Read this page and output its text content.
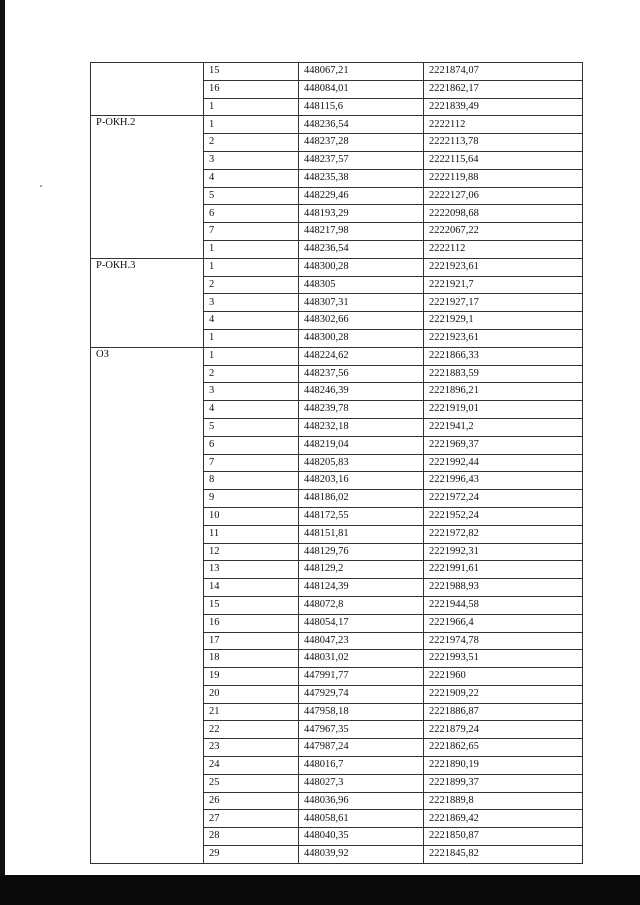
	15	448067,21	2221874,07
	16	448084,01	2221862,17
	1	448115,6	2221839,49
Р-ОКН.2	1	448236,54	2222112
	2	448237,28	2222113,78
	3	448237,57	2222115,64
	4	448235,38	2222119,88
	5	448229,46	2222127,06
	6	448193,29	2222098,68
	7	448217,98	2222067,22
	1	448236,54	2222112
Р-ОКН.3	1	448300,28	2221923,61
	2	448305	2221921,7
	3	448307,31	2221927,17
	4	448302,66	2221929,1
	1	448300,28	2221923,61
ОЗ	1	448224,62	2221866,33
	2	448237,56	2221883,59
	3	448246,39	2221896,21
	4	448239,78	2221919,01
	5	448232,18	2221941,2
	6	448219,04	2221969,37
	7	448205,83	2221992,44
	8	448203,16	2221996,43
	9	448186,02	2221972,24
	10	448172,55	2221952,24
	11	448151,81	2221972,82
	12	448129,76	2221992,31
	13	448129,2	2221991,61
	14	448124,39	2221988,93
	15	448072,8	2221944,58
	16	448054,17	2221966,4
	17	448047,23	2221974,78
	18	448031,02	2221993,51
	19	447991,77	2221960
	20	447929,74	2221909,22
	21	447958,18	2221886,87
	22	447967,35	2221879,24
	23	447987,24	2221862,65
	24	448016,7	2221890,19
	25	448027,3	2221899,37
	26	448036,96	2221889,8
	27	448058,61	2221869,42
	28	448040,35	2221850,87
	29	448039,92	2221845,82
